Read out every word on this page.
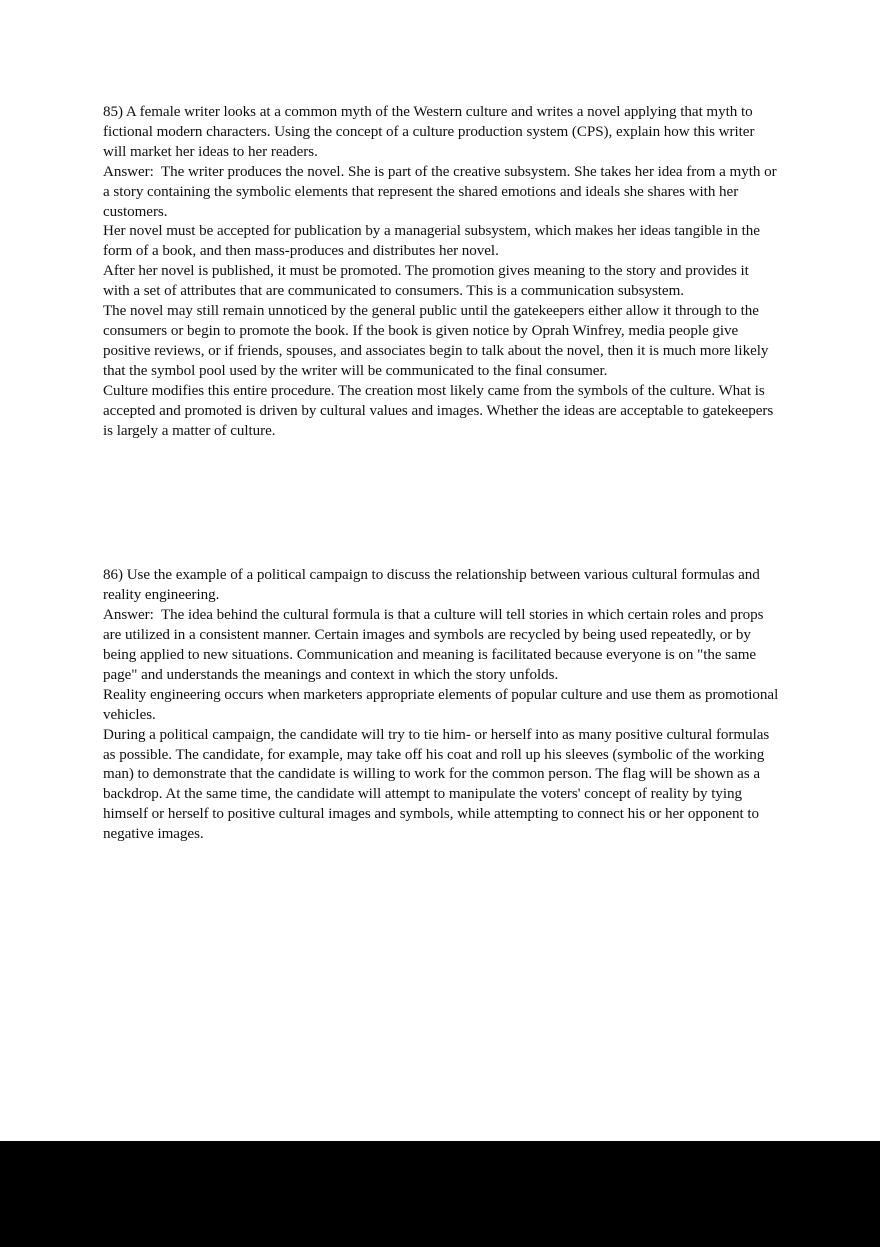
85) A female writer looks at a common myth of the Western culture and writes a novel applying that myth to fictional modern characters. Using the concept of a culture production system (CPS), explain how this writer will market her ideas to her readers.

Answer:  The writer produces the novel. She is part of the creative subsystem. She takes her idea from a myth or a story containing the symbolic elements that represent the shared emotions and ideals she shares with her customers.

Her novel must be accepted for publication by a managerial subsystem, which makes her ideas tangible in the form of a book, and then mass-produces and distributes her novel.

After her novel is published, it must be promoted. The promotion gives meaning to the story and provides it with a set of attributes that are communicated to consumers. This is a communication subsystem.

The novel may still remain unnoticed by the general public until the gatekeepers either allow it through to the consumers or begin to promote the book. If the book is given notice by Oprah Winfrey, media people give positive reviews, or if friends, spouses, and associates begin to talk about the novel, then it is much more likely that the symbol pool used by the writer will be communicated to the final consumer.

Culture modifies this entire procedure. The creation most likely came from the symbols of the culture. What is accepted and promoted is driven by cultural values and images. Whether the ideas are acceptable to gatekeepers is largely a matter of culture.

86) Use the example of a political campaign to discuss the relationship between various cultural formulas and reality engineering.

Answer:  The idea behind the cultural formula is that a culture will tell stories in which certain roles and props are utilized in a consistent manner. Certain images and symbols are recycled by being used repeatedly, or by being applied to new situations. Communication and meaning is facilitated because everyone is on "the same page" and understands the meanings and context in which the story unfolds.

Reality engineering occurs when marketers appropriate elements of popular culture and use them as promotional vehicles.

During a political campaign, the candidate will try to tie him- or herself into as many positive cultural formulas as possible. The candidate, for example, may take off his coat and roll up his sleeves (symbolic of the working man) to demonstrate that the candidate is willing to work for the common person. The flag will be shown as a backdrop. At the same time, the candidate will attempt to manipulate the voters' concept of reality by tying himself or herself to positive cultural images and symbols, while attempting to connect his or her opponent to negative images.
